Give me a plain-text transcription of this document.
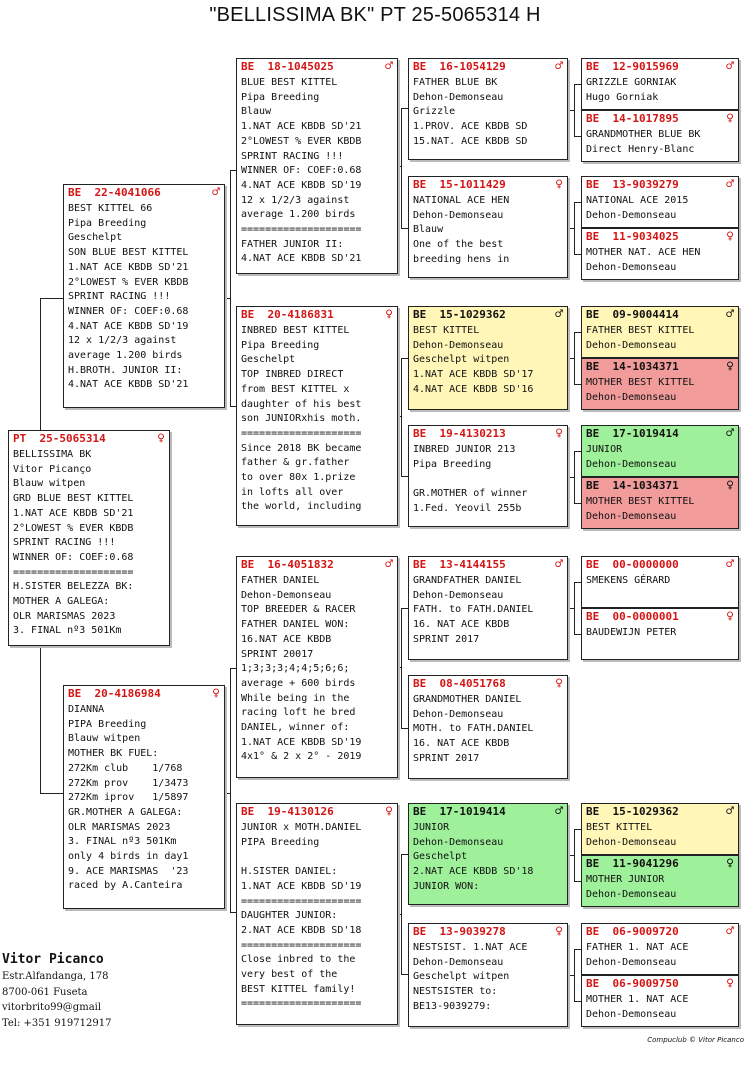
"BELLISSIMA BK" PT 25-5065314 H
PT  25-5065314	♀
BELLISSIMA BK
Vitor Picanço
Blauw witpen
GRD BLUE BEST KITTEL
1.NAT ACE KBDB SD'21
2°LOWEST % EVER KBDB
SPRINT RACING !!!
WINNER OF: COEF:0.68
====================
H.SISTER BELEZZA BK:
MOTHER A GALEGA:
OLR MARISMAS 2023
3. FINAL nº3 501Km
BE  22-4041066	♂
BEST KITTEL 66
Pipa Breeding
Geschelpt
SON BLUE BEST KITTEL
1.NAT ACE KBDB SD'21
2°LOWEST % EVER KBDB
SPRINT RACING !!!
WINNER OF: COEF:0.68
4.NAT ACE KBDB SD'19
12 x 1/2/3 against
average 1.200 birds
H.BROTH. JUNIOR II:
4.NAT ACE KBDB SD'21
BE  20-4186984	♀
DIANNA
PIPA Breeding
Blauw witpen
MOTHER BK FUEL:
272Km club    1/768
272Km prov    1/3473
272Km iprov   1/5897
GR.MOTHER A GALEGA:
OLR MARISMAS 2023
3. FINAL nº3 501Km
only 4 birds in day1
9. ACE MARISMAS  '23
raced by A.Canteira
BE  18-1045025	♂
BLUE BEST KITTEL
Pipa Breeding
Blauw
1.NAT ACE KBDB SD'21
2°LOWEST % EVER KBDB
SPRINT RACING !!!
WINNER OF: COEF:0.68
4.NAT ACE KBDB SD'19
12 x 1/2/3 against
average 1.200 birds
====================
FATHER JUNIOR II:
4.NAT ACE KBDB SD'21
BE  20-4186831	♀
INBRED BEST KITTEL
Pipa Breeding
Geschelpt
TOP INBRED DIRECT
from BEST KITTEL x
daughter of his best
son JUNIORxhis moth.
====================
Since 2018 BK became
father & gr.father
to over 80x 1.prize
in lofts all over
the world, including
BE  16-4051832	♂
FATHER DANIEL
Dehon-Demonseau
TOP BREEDER & RACER
FATHER DANIEL WON:
16.NAT ACE KBDB
SPRINT 20017
1;3;3;3;4;4;5;6;6;
average + 600 birds
While being in the
racing loft he bred
DANIEL, winner of:
1.NAT ACE KBDB SD'19
4x1° & 2 x 2° - 2019
BE  19-4130126	♀
JUNIOR x MOTH.DANIEL
PIPA Breeding

H.SISTER DANIEL:
1.NAT ACE KBDB SD'19
====================
DAUGHTER JUNIOR:
2.NAT ACE KBDB SD'18
====================
Close inbred to the
very best of the
BEST KITTEL family!
====================
BE  16-1054129	♂
FATHER BLUE BK
Dehon-Demonseau
Grizzle
1.PROV. ACE KBDB SD
15.NAT. ACE KBDB SD
BE  15-1011429	♀
NATIONAL ACE HEN
Dehon-Demonseau
Blauw
One of the best
breeding hens in
BE  15-1029362	♂
BEST KITTEL
Dehon-Demonseau
Geschelpt witpen
1.NAT ACE KBDB SD'17
4.NAT ACE KBDB SD'16
BE  19-4130213	♀
INBRED JUNIOR 213
Pipa Breeding

GR.MOTHER of winner
1.Fed. Yeovil 255b
BE  13-4144155	♂
GRANDFATHER DANIEL
Dehon-Demonseau
FATH. to FATH.DANIEL
16. NAT ACE KBDB
SPRINT 2017
BE  08-4051768	♀
GRANDMOTHER DANIEL
Dehon-Demonseau
MOTH. to FATH.DANIEL
16. NAT ACE KBDB
SPRINT 2017
BE  17-1019414	♂
JUNIOR
Dehon-Demonseau
Geschelpt
2.NAT ACE KBDB SD'18
JUNIOR WON:
BE  13-9039278	♀
NESTSIST. 1.NAT ACE
Dehon-Demonseau
Geschelpt witpen
NESTSISTER to:
BE13-9039279:
BE  12-9015969	♂
GRIZZLE GORNIAK
Hugo Gorniak
BE  14-1017895	♀
GRANDMOTHER BLUE BK
Direct Henry-Blanc
BE  13-9039279	♂
NATIONAL ACE 2015
Dehon-Demonseau
BE  11-9034025	♀
MOTHER NAT. ACE HEN
Dehon-Demonseau
BE  09-9004414	♂
FATHER BEST KITTEL
Dehon-Demonseau
BE  14-1034371	♀
MOTHER BEST KITTEL
Dehon-Demonseau
BE  17-1019414	♂
JUNIOR
Dehon-Demonseau
BE  14-1034371	♀
MOTHER BEST KITTEL
Dehon-Demonseau
BE  00-0000000	♂
SMEKENS GÉRARD
BE  00-0000001	♀
BAUDEWIJN PETER
BE  15-1029362	♂
BEST KITTEL
Dehon-Demonseau
BE  11-9041296	♀
MOTHER JUNIOR
Dehon-Demonseau
BE  06-9009720	♂
FATHER 1. NAT ACE
Dehon-Demonseau
BE  06-9009750	♀
MOTHER 1. NAT ACE
Dehon-Demonseau
Vitor Picanco
Estr.Alfandanga, 178
8700-061 Fuseta
vitorbrito99@gmail
Tel: +351 919712917
Compuclub © Vitor Picanco
